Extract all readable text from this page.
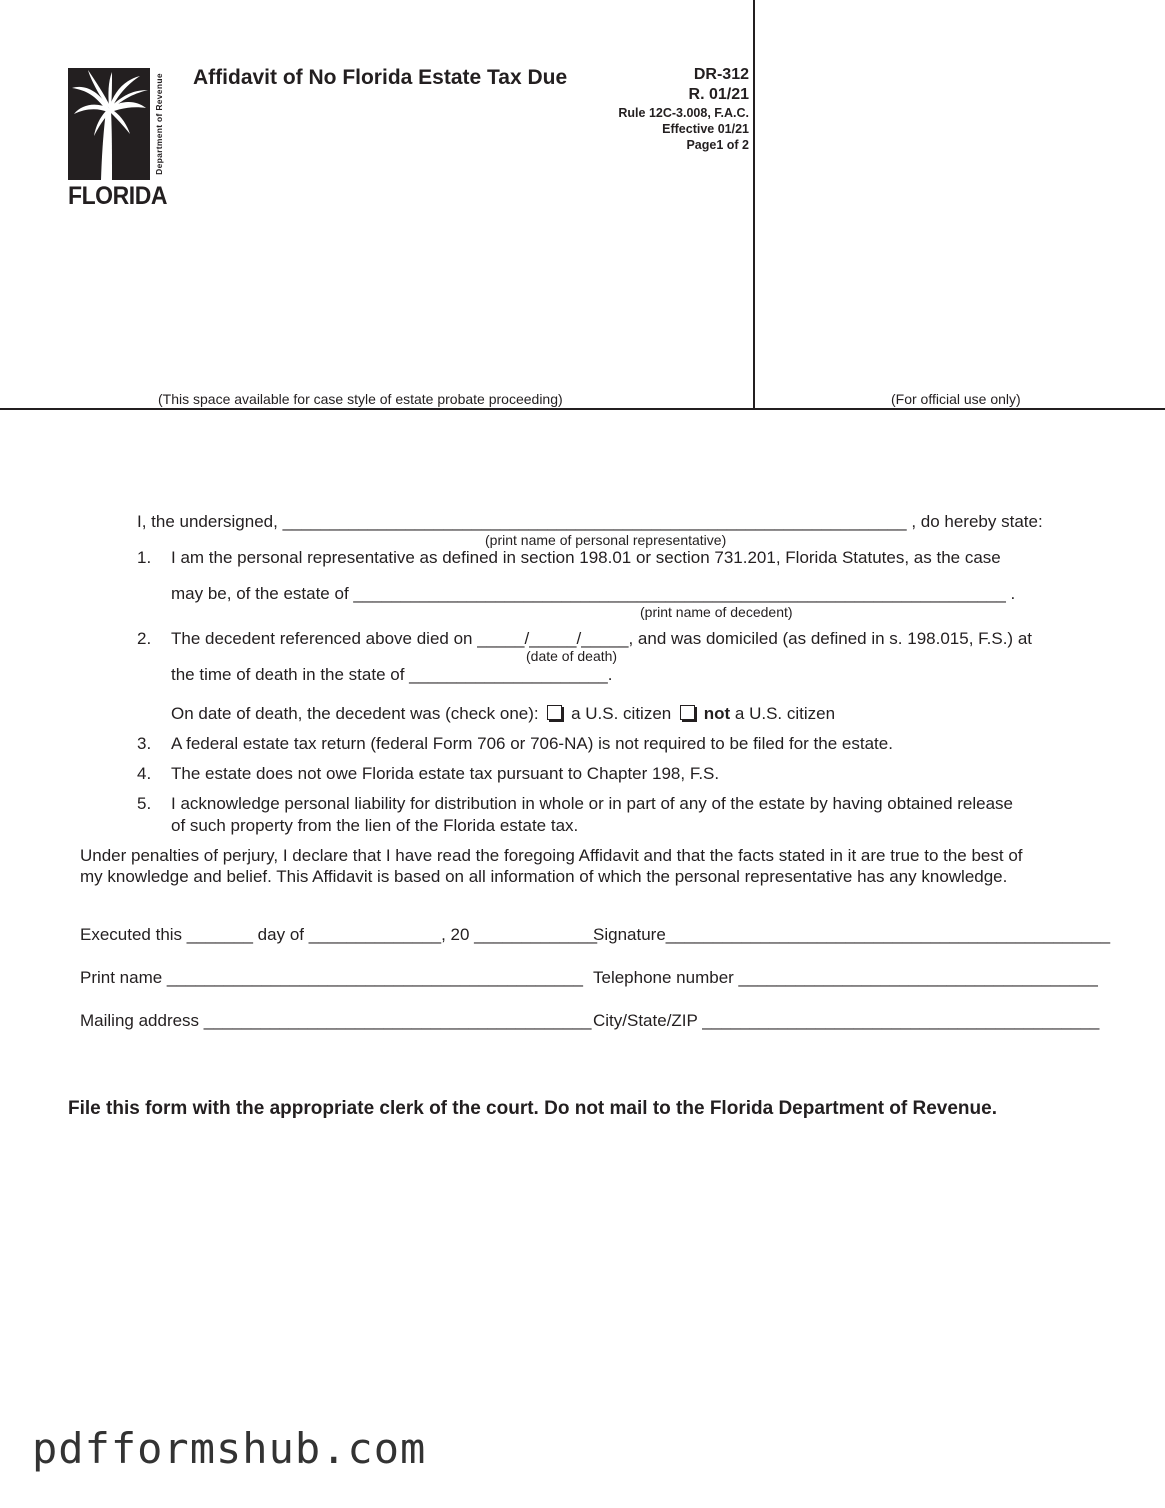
Department of Revenue
FLORIDA
Affidavit of No Florida Estate Tax Due	DR-312
R. 01/21
Rule 12C-3.008, F.A.C.
Effective 01/21
Page1 of 2
(This space available for case style of estate probate proceeding)	(For official use only)
I, the undersigned, __________________________________________________________________ , do hereby state:
(print name of personal representative)
1. I am the personal representative as defined in section 198.01 or section 731.201, Florida Statutes, as the case
may be, of the estate of _____________________________________________________________________ .
(print name of decedent)
2. The decedent referenced above died on _____/_____/_____, and was domiciled (as defined in s. 198.015, F.S.) at
(date of death)
the time of death in the state of _____________________.
On date of death, the decedent was (check one): a U.S. citizen not a U.S. citizen
3. A federal estate tax return (federal Form 706 or 706-NA) is not required to be filed for the estate.
4. The estate does not owe Florida estate tax pursuant to Chapter 198, F.S.
5. I acknowledge personal liability for distribution in whole or in part of any of the estate by having obtained release
of such property from the lien of the Florida estate tax.
Under penalties of perjury, I declare that I have read the foregoing Affidavit and that the facts stated in it are true to the best of
my knowledge and belief. This Affidavit is based on all information of which the personal representative has any knowledge.
Executed this _______ day of ______________, 20 _____________
Signature_______________________________________________
Print name ____________________________________________ Telephone number ______________________________________
Mailing address _________________________________________ City/State/ZIP __________________________________________
File this form with the appropriate clerk of the court. Do not mail to the Florida Department of Revenue.
pdfformshub.com
